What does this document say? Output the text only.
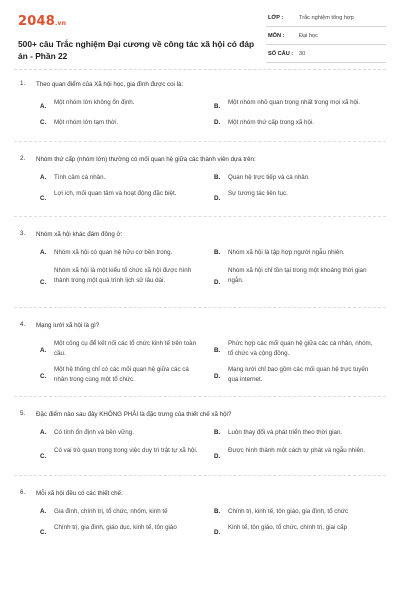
2048.vn
500+ câu Trắc nghiệm Đại cương về công tác xã hội có đáp án - Phần 22
LỚP :	Trắc nghiệm tổng hợp
MÔN :	Đại học
SỐ CÂU : 30
1. Theo quan điểm của Xã hội học, gia đình được coi là:
A.
Một nhóm lớn không ổn định.
B.
Một nhóm nhỏ quan trọng nhất trong mọi xã hội.
C. Một nhóm lớn tạm thời.	D. Một nhóm thứ cấp trong xã hội.
2. Nhóm thứ cấp (nhóm lớn) thường có mối quan hệ giữa các thành viên dựa trên:
A. Tình cảm cá nhân.	B. Quan hệ trực tiếp và cá nhân.
C.
Lợi ích, mối quan tâm và hoạt động đặc biệt.
D.
Sự tương tác liên tục.
3. Nhóm xã hội khác đám đông ở:
A. Nhóm xã hội có quan hệ hữu cơ bền trong.	B. Nhóm xã hội là tập hợp người ngẫu nhiên.
C.
Nhóm xã hội là một kiểu tổ chức xã hội được hình thành trong một quá trình lịch sử lâu dài.	D.
Nhóm xã hội chỉ tồn tại trong một khoảng thời gian ngắn.
4. Mạng lưới xã hội là gì?
A.
Một công cụ để kết nối các tổ chức kinh tế trên toàn cầu.	B.
Phức hợp các mối quan hệ giữa các cá nhân, nhóm, tổ chức và cộng đồng.
C.
Một hệ thống chỉ có các mối quan hệ giữa các cá nhân trong cùng một tổ chức.	D.
Mạng lưới chỉ bao gồm các mối quan hệ trực tuyến qua internet.
5. Đặc điểm nào sau đây KHÔNG PHẢI là đặc trưng của thiết chế xã hội?
A. Có tính ổn định và bền vững.	B. Luôn thay đổi và phát triển theo thời gian.
C.
Có vai trò quan trọng trong việc duy trì trật tự xã hội.
D.
Được hình thành một cách tự phát và ngẫu nhiên.
6. Mỗi xã hội đều có các thiết chế:
A. Gia đình, chính trị, tổ chức, nhóm, kinh tế	B. Chính trị, kinh tế, tôn giáo, gia đình, tổ chức
C.
Chính trị, gia đình, giáo dục, kinh tế, tôn giáo
D.
Kinh tế, tôn giáo, tổ chức, chính trị, giai cấp
